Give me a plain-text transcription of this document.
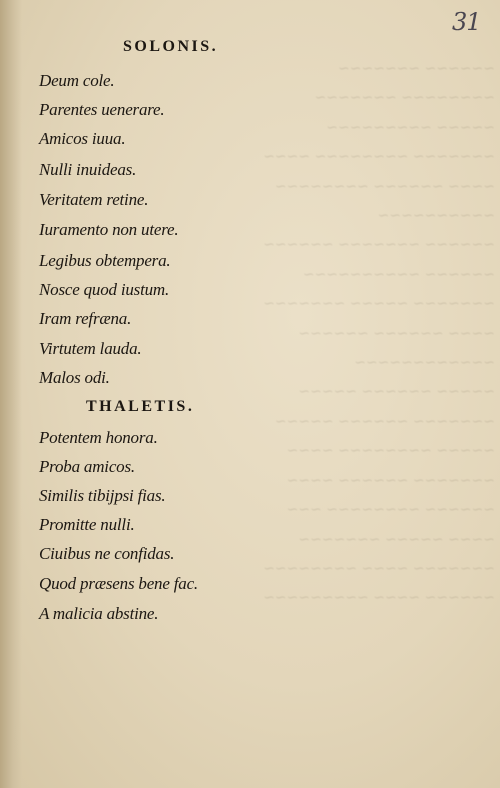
~~~~~~ ~~~~~~~
~~~~~~~~ ~~~~~~~
~~~~~ ~~~~~~~~~
~~~~~~~ ~~~~~~~~ ~~~~
~~~~ ~~~~~~ ~~~~~~~~
~~~~~~~~~~
~~~~~~ ~~~~~~~ ~~~~~~
~~~~~~ ~~~~~~~~~~
~~~~~~~ ~~~~~ ~~~~~~~
~~~~ ~~~~~~ ~~~~~~
~~~~~~~~~~~~
~~~~~ ~~~~~~ ~~~~~
~~~~~~~ ~~~~~~ ~~~~~
~~~~~ ~~~~~~~~ ~~~~
~~~~~~~ ~~~~~~ ~~~~
~~~~~~ ~~~~~~~~ ~~~
~~~~ ~~~~~ ~~~~~~~
~~~~~~~ ~~~~ ~~~~~~~~
~~~~~~ ~~~~ ~~~~~~~~~
31
SOLONIS.
Deum cole.
Parentes uenerare.
Amicos iuua.
Nulli inuideas.
Veritatem retine.
Iuramento non utere.
Legibus obtempera.
Nosce quod iustum.
Iram refræna.
Virtutem lauda.
Malos odi.
THALETIS.
Potentem honora.
Proba amicos.
Similis tibijpsi fias.
Promitte nulli.
Ciuibus ne confidas.
Quod præsens bene fac.
A malicia abstine.
